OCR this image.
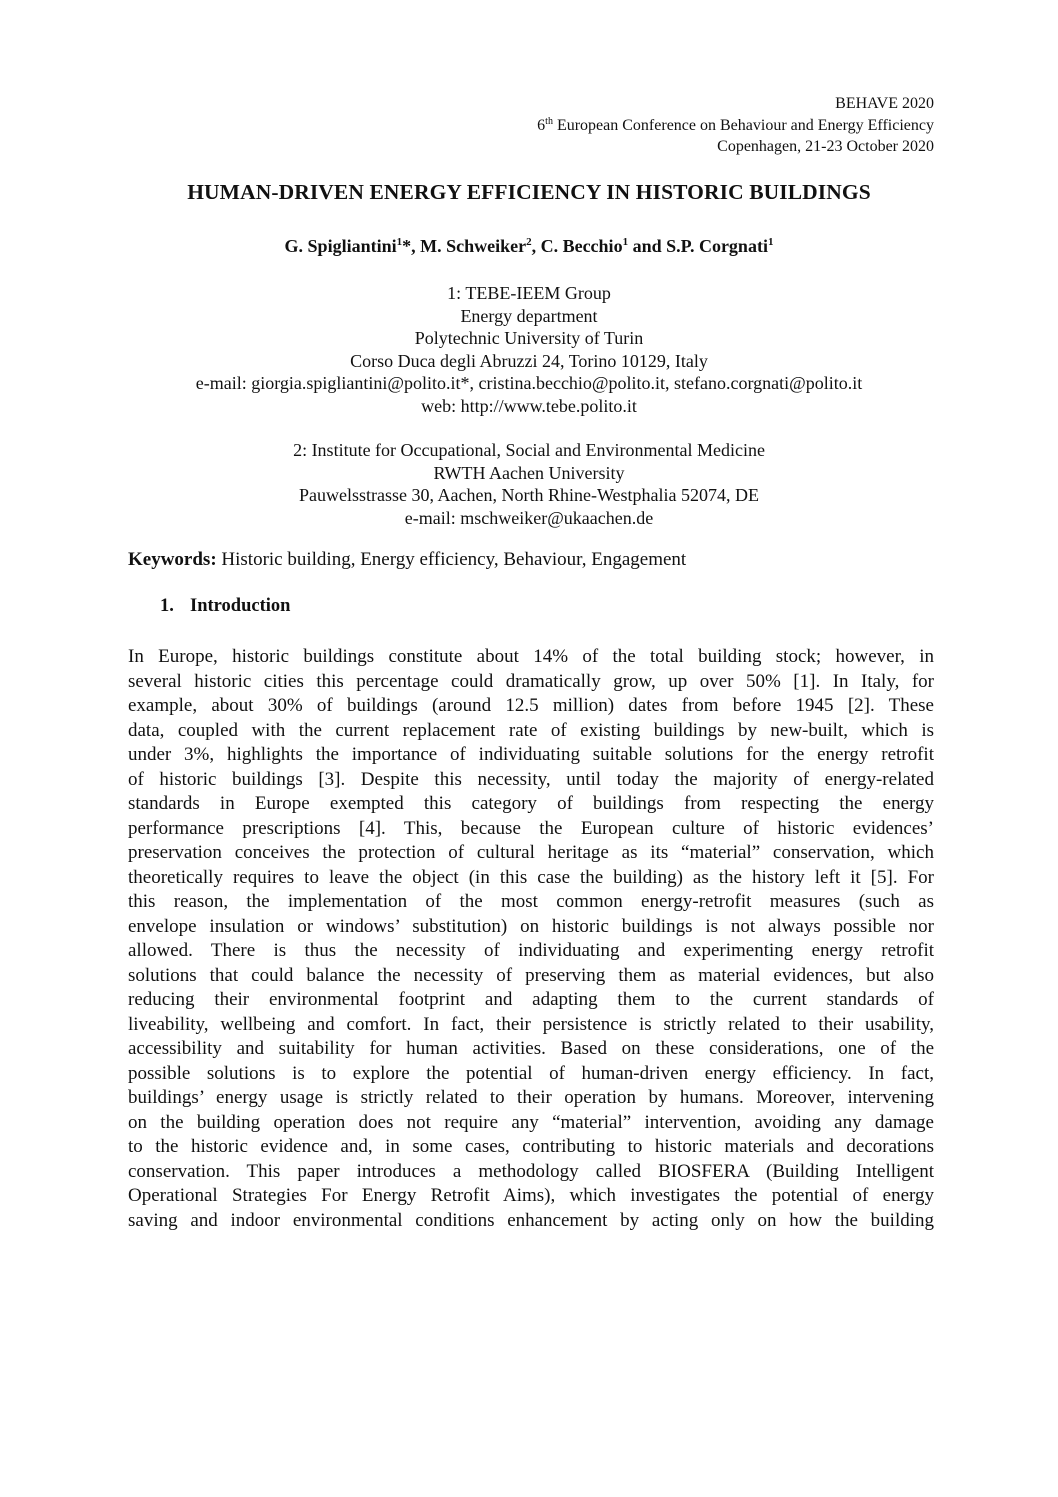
BEHAVE 2020
6th European Conference on Behaviour and Energy Efficiency
Copenhagen, 21-23 October 2020
HUMAN-DRIVEN ENERGY EFFICIENCY IN HISTORIC BUILDINGS
G. Spigliantini$^1$*, M. Schweiker$^2$, C. Becchio$^1$ and S.P. Corgnati$^1$
1: TEBE-IEEM Group
Energy department
Polytechnic University of Turin
Corso Duca degli Abruzzi 24, Torino 10129, Italy
e-mail: giorgia.spigliantini@polito.it*, cristina.becchio@polito.it, stefano.corgnati@polito.it
web: http://www.tebe.polito.it
2: Institute for Occupational, Social and Environmental Medicine
RWTH Aachen University
Pauwelsstrasse 30, Aachen, North Rhine-Westphalia 52074, DE
e-mail: mschweiker@ukaachen.de
Keywords: Historic building, Energy efficiency, Behaviour, Engagement
1. Introduction
In Europe, historic buildings constitute about 14% of the total building stock; however, in
several historic cities this percentage could dramatically grow, up over 50% [1]. In Italy, for
example, about 30% of buildings (around 12.5 million) dates from before 1945 [2]. These
data, coupled with the current replacement rate of existing buildings by new-built, which is
under 3%, highlights the importance of individuating suitable solutions for the energy retrofit
of historic buildings [3]. Despite this necessity, until today the majority of energy-related
standards in Europe exempted this category of buildings from respecting the energy
performance prescriptions [4]. This, because the European culture of historic evidences’
preservation conceives the protection of cultural heritage as its “material” conservation, which
theoretically requires to leave the object (in this case the building) as the history left it [5]. For
this reason, the implementation of the most common energy-retrofit measures (such as
envelope insulation or windows’ substitution) on historic buildings is not always possible nor
allowed. There is thus the necessity of individuating and experimenting energy retrofit
solutions that could balance the necessity of preserving them as material evidences, but also
reducing their environmental footprint and adapting them to the current standards of
liveability, wellbeing and comfort. In fact, their persistence is strictly related to their usability,
accessibility and suitability for human activities. Based on these considerations, one of the
possible solutions is to explore the potential of human-driven energy efficiency. In fact,
buildings’ energy usage is strictly related to their operation by humans. Moreover, intervening
on the building operation does not require any “material” intervention, avoiding any damage
to the historic evidence and, in some cases, contributing to historic materials and decorations
conservation. This paper introduces a methodology called BIOSFERA (Building Intelligent
Operational Strategies For Energy Retrofit Aims), which investigates the potential of energy
saving and indoor environmental conditions enhancement by acting only on how the building
